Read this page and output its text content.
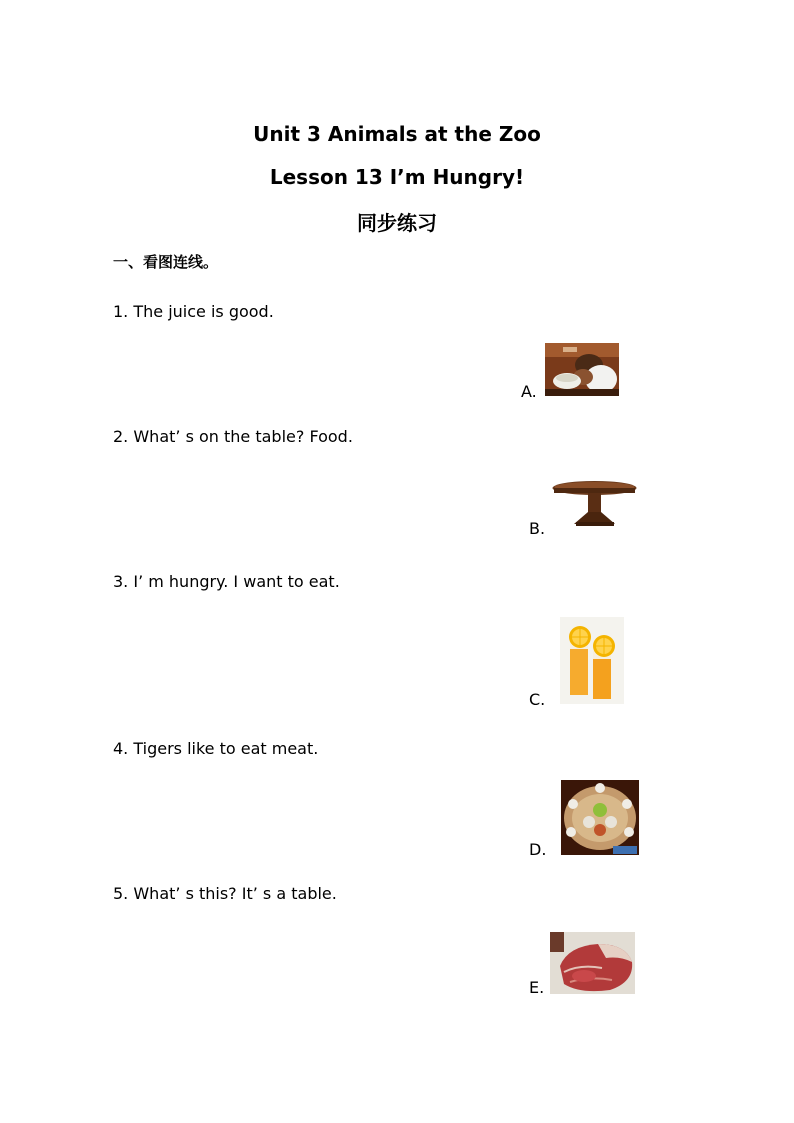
Unit 3 Animals at the Zoo
Lesson 13 I’m Hungry!
同步练习
一、看图连线。
1. The juice is good.
2. What’ s on the table? Food.
3. I’ m hungry. I want to eat.
4. Tigers like to eat meat.
5. What’ s this? It’ s a table.
A.
B.
C.
D.
E.
